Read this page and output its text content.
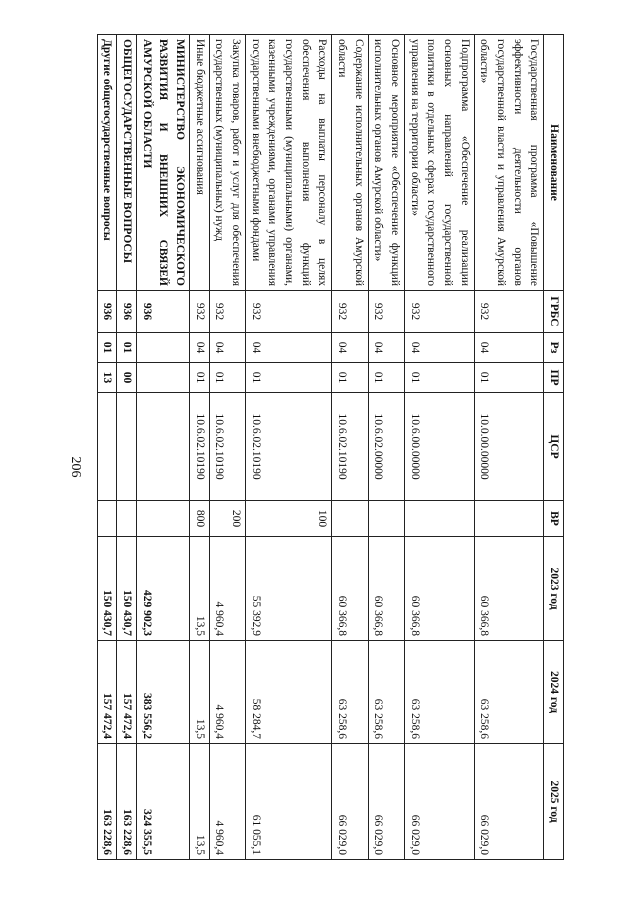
206
Наименование	ГРБС	Рз	ПР	ЦСР	ВР	2023 год	2024 год	2025 год
Государственная программа «Повышение эффективности деятельности органов государственной власти и управления Амурской области»	932	04	01	10.0.00.00000		60 366,8	63 258,6	66 029,0
Подпрограмма «Обеспечение реализации основных направлений государственной политики в отдельных сферах государственного управления на территории области»	932	04	01	10.6.00.00000		60 366,8	63 258,6	66 029,0
Основное мероприятие «Обеспечение функций исполнительных органов Амурской области»	932	04	01	10.6.02.00000		60 366,8	63 258,6	66 029,0
Содержание исполнительных органов Амурской области	932	04	01	10.6.02.10190		60 366,8	63 258,6	66 029,0
Расходы на выплаты персоналу в целях обеспечения выполнения функций государственными (муниципальными) органами, казенными учреждениями, органами управления государственными внебюджетными фондами	932	04	01	10.6.02.10190	100	55 392,9	58 284,7	61 055,1
Закупка товаров, работ и услуг для обеспечения государственных (муниципальных) нужд	932	04	01	10.6.02.10190	200	4 960,4	4 960,4	4 960,4
Иные бюджетные ассигнования	932	04	01	10.6.02.10190	800	13,5	13,5	13,5
МИНИСТЕРСТВО ЭКОНОМИЧЕСКОГО РАЗВИТИЯ И ВНЕШНИХ СВЯЗЕЙ АМУРСКОЙ ОБЛАСТИ	936					429 902,3	383 556,2	324 355,5
ОБЩЕГОСУДАРСТВЕННЫЕ ВОПРОСЫ	936	01	00			150 430,7	157 472,4	163 228,6
Другие общегосударственные вопросы	936	01	13			150 430,7	157 472,4	163 228,6
